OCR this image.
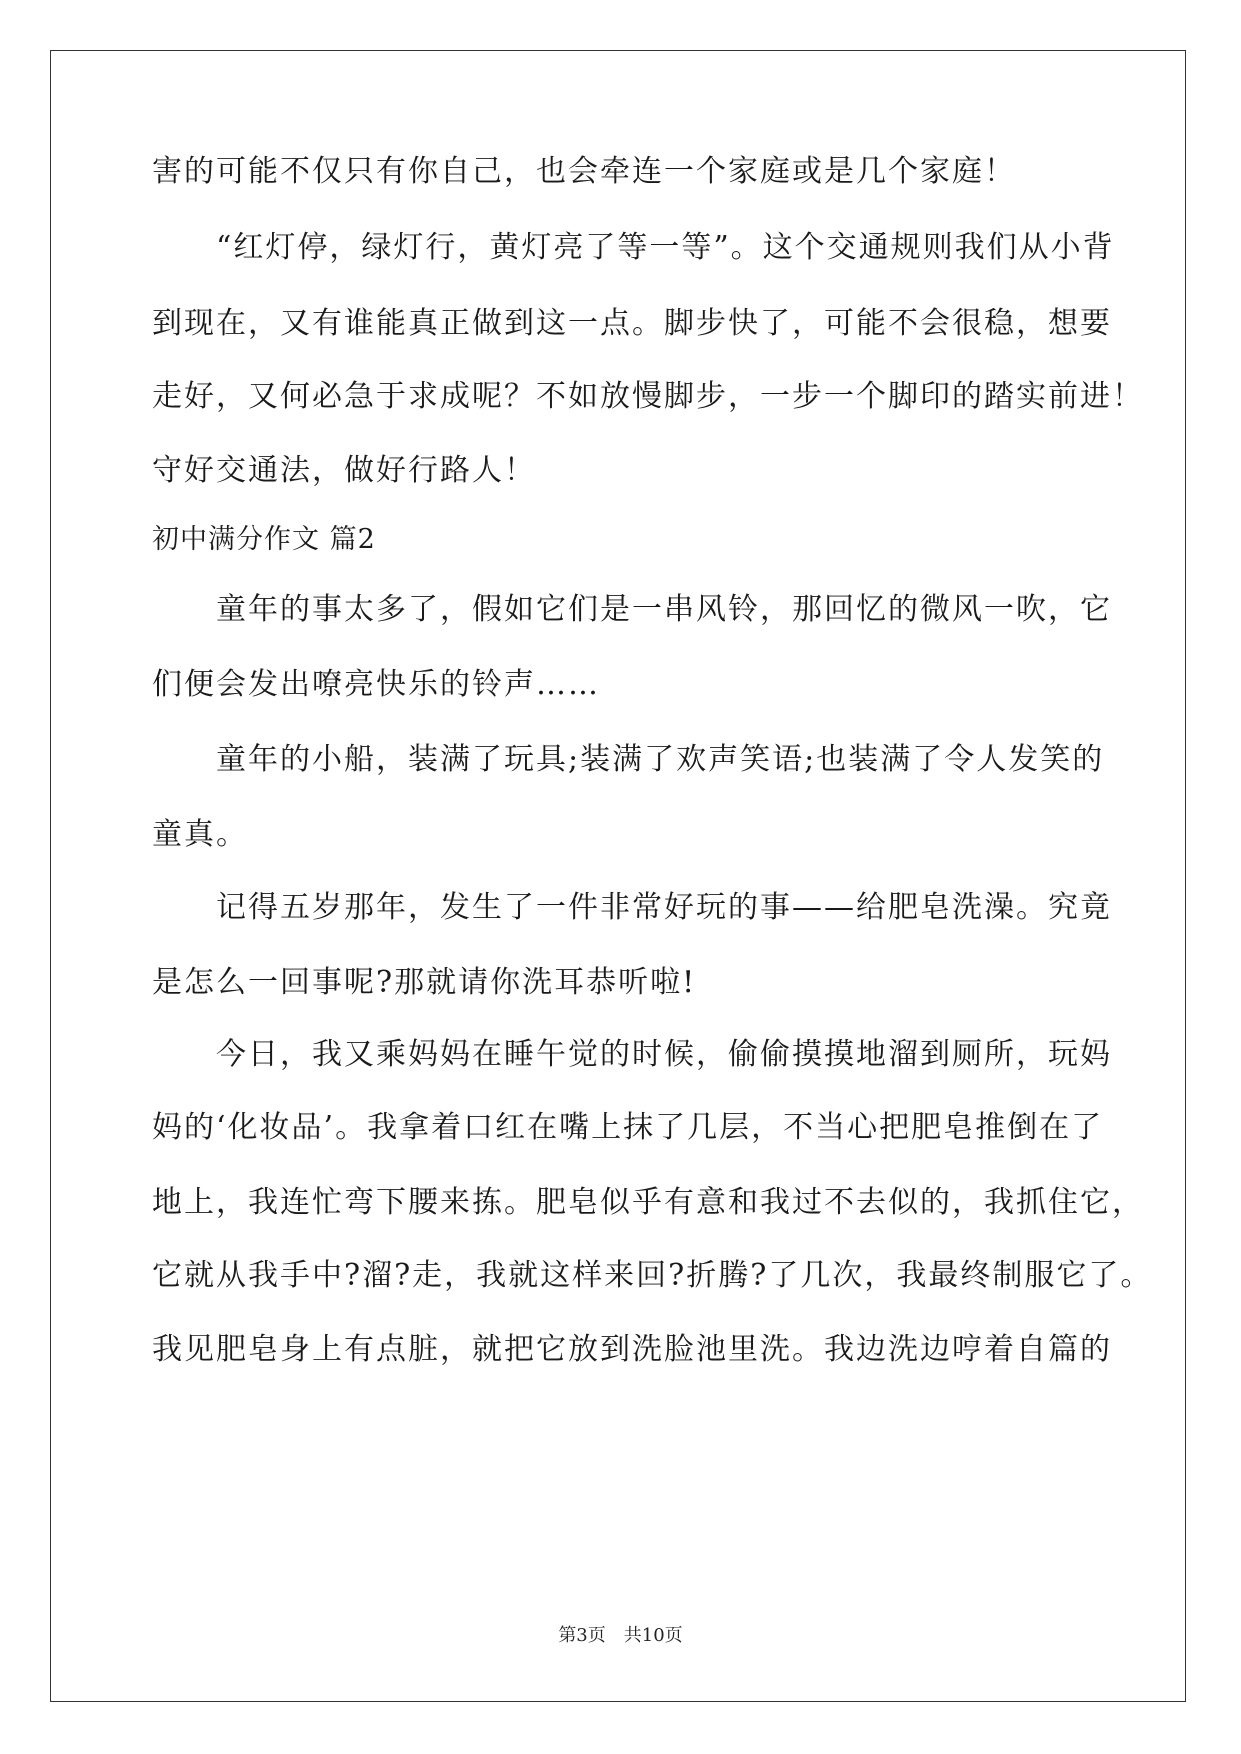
害的可能不仅只有你自己，也会牵连一个家庭或是几个家庭！
“红灯停，绿灯行，黄灯亮了等一等”。这个交通规则我们从小背
到现在，又有谁能真正做到这一点。脚步快了，可能不会很稳，想要
走好，又何必急于求成呢？不如放慢脚步，一步一个脚印的踏实前进！
守好交通法，做好行路人！
初中满分作文 篇2
童年的事太多了，假如它们是一串风铃，那回忆的微风一吹，它
们便会发出嘹亮快乐的铃声……
童年的小船，装满了玩具;装满了欢声笑语;也装满了令人发笑的
童真。
记得五岁那年，发生了一件非常好玩的事——给肥皂洗澡。究竟
是怎么一回事呢?那就请你洗耳恭听啦!
今日，我又乘妈妈在睡午觉的时候，偷偷摸摸地溜到厕所，玩妈
妈的‘化妆品’。我拿着口红在嘴上抹了几层，不当心把肥皂推倒在了
地上，我连忙弯下腰来拣。肥皂似乎有意和我过不去似的，我抓住它，
它就从我手中?溜?走，我就这样来回?折腾?了几次，我最终制服它了。
我见肥皂身上有点脏，就把它放到洗脸池里洗。我边洗边哼着自篇的
第3页　共10页
